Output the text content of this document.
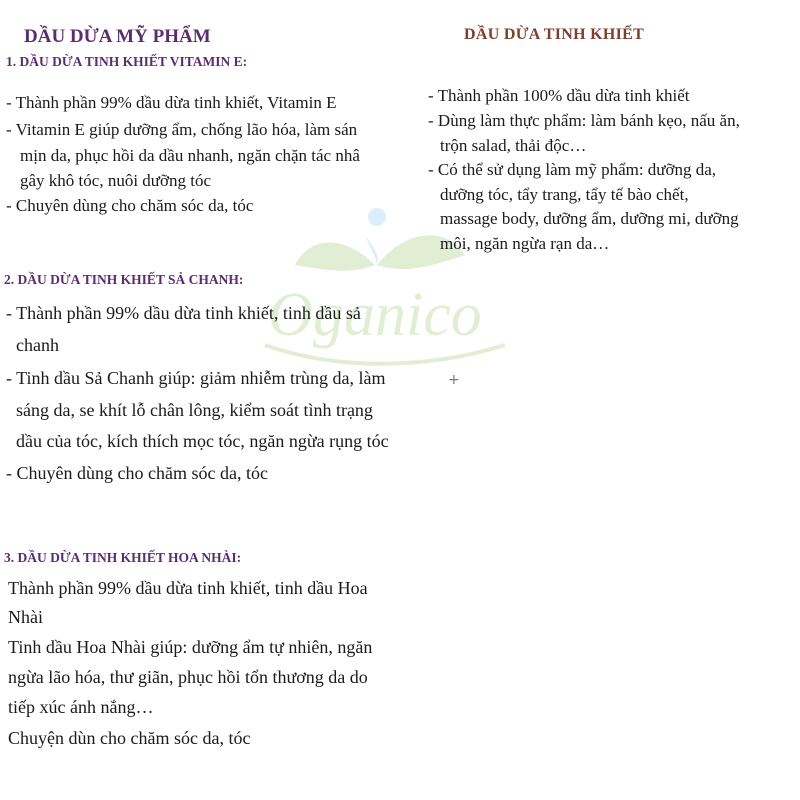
Oganico
+
DẦU DỪA MỸ PHẨM
1. DẦU DỪA TINH KHIẾT VITAMIN E:
- Thành phần 99% dầu dừa tinh khiết, Vitamin E
- Vitamin E giúp dưỡng ẩm, chống lão hóa, làm sán
mịn da, phục hồi da dầu nhanh, ngăn chặn tác nhâ
gây khô tóc, nuôi dưỡng tóc
- Chuyên dùng cho chăm sóc da, tóc
2. DẦU DỪA TINH KHIẾT SẢ CHANH:
- Thành phần 99% dầu dừa tinh khiết, tinh dầu sả
chanh
- Tinh dầu Sả Chanh giúp: giảm nhiễm trùng da, làm
sáng da, se khít lỗ chân lông, kiểm soát tình trạng
dầu của tóc, kích thích mọc tóc, ngăn ngừa rụng tóc
- Chuyên dùng cho chăm sóc da, tóc
3. DẦU DỪA TINH KHIẾT HOA NHÀI:
Thành phần 99% dầu dừa tinh khiết, tinh dầu Hoa
Nhài
Tinh dầu Hoa Nhài giúp: dưỡng ẩm tự nhiên, ngăn
ngừa lão hóa, thư giãn, phục hồi tổn thương da do
tiếp xúc ánh nắng…
Chuyện dùn cho chăm sóc da, tóc
DẦU DỪA TINH KHIẾT
- Thành phần 100% dầu dừa tinh khiết
- Dùng làm thực phẩm: làm bánh kẹo, nấu ăn,
trộn salad, thải độc…
- Có thể sử dụng làm mỹ phẩm: dưỡng da,
dưỡng tóc, tẩy trang, tẩy tế bào chết,
massage body, dưỡng ẩm, dưỡng mi, dưỡng
môi, ngăn ngừa rạn da…
